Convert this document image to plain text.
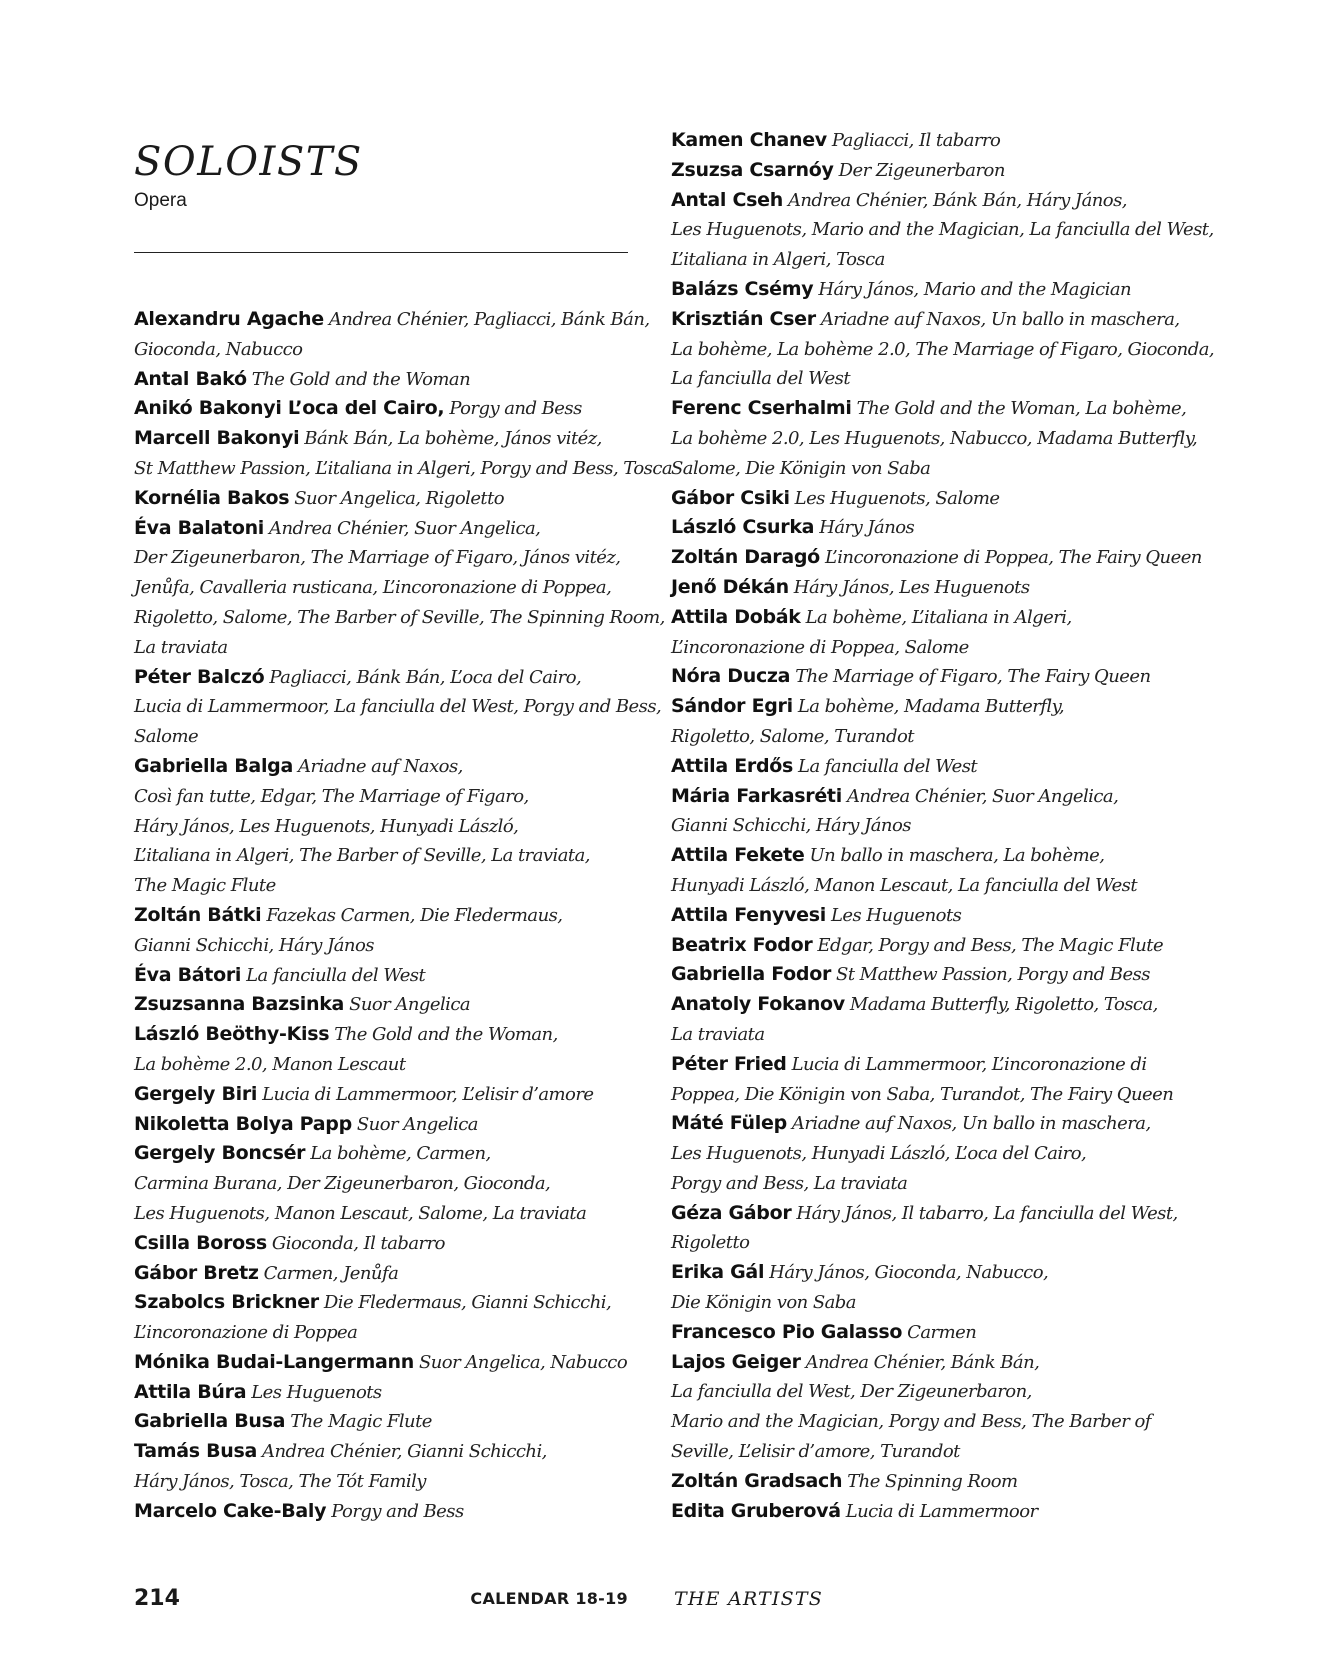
SOLOISTS
Opera
Alexandru Agache Andrea Chénier, Pagliacci, Bánk Bán,
Gioconda, Nabucco
Antal Bakó The Gold and the Woman
Anikó Bakonyi L’oca del Cairo, Porgy and Bess
Marcell Bakonyi Bánk Bán, La bohème, János vitéz,
St Matthew Passion, L’italiana in Algeri, Porgy and Bess, Tosca
Kornélia Bakos Suor Angelica, Rigoletto
Éva Balatoni Andrea Chénier, Suor Angelica,
Der Zigeunerbaron, The Marriage of Figaro, János vitéz,
Jenůfa, Cavalleria rusticana, L’incoronazione di Poppea,
Rigoletto, Salome, The Barber of Seville, The Spinning Room,
La traviata
Péter Balczó Pagliacci, Bánk Bán, L’oca del Cairo,
Lucia di Lammermoor, La fanciulla del West, Porgy and Bess,
Salome
Gabriella Balga Ariadne auf Naxos,
Così fan tutte, Edgar, The Marriage of Figaro,
Háry János, Les Huguenots, Hunyadi László,
L’italiana in Algeri, The Barber of Seville, La traviata,
The Magic Flute
Zoltán Bátki Fazekas Carmen, Die Fledermaus,
Gianni Schicchi, Háry János
Éva Bátori La fanciulla del West
Zsuzsanna Bazsinka Suor Angelica
László Beöthy-Kiss The Gold and the Woman,
La bohème 2.0, Manon Lescaut
Gergely Biri Lucia di Lammermoor, L’elisir d’amore
Nikoletta Bolya Papp Suor Angelica
Gergely Boncsér La bohème, Carmen,
Carmina Burana, Der Zigeunerbaron, Gioconda,
Les Huguenots, Manon Lescaut, Salome, La traviata
Csilla Boross Gioconda, Il tabarro
Gábor Bretz Carmen, Jenůfa
Szabolcs Brickner Die Fledermaus, Gianni Schicchi,
L’incoronazione di Poppea
Mónika Budai-Langermann Suor Angelica, Nabucco
Attila Búra Les Huguenots
Gabriella Busa The Magic Flute
Tamás Busa Andrea Chénier, Gianni Schicchi,
Háry János, Tosca, The Tót Family
Marcelo Cake-Baly Porgy and Bess
Kamen Chanev Pagliacci, Il tabarro
Zsuzsa Csarnóy Der Zigeunerbaron
Antal Cseh Andrea Chénier, Bánk Bán, Háry János,
Les Huguenots, Mario and the Magician, La fanciulla del West,
L’italiana in Algeri, Tosca
Balázs Csémy Háry János, Mario and the Magician
Krisztián Cser Ariadne auf Naxos, Un ballo in maschera,
La bohème, La bohème 2.0, The Marriage of Figaro, Gioconda,
La fanciulla del West
Ferenc Cserhalmi The Gold and the Woman, La bohème,
La bohème 2.0, Les Huguenots, Nabucco, Madama Butterfly,
Salome, Die Königin von Saba
Gábor Csiki Les Huguenots, Salome
László Csurka Háry János
Zoltán Daragó L’incoronazione di Poppea, The Fairy Queen
Jenő Dékán Háry János, Les Huguenots
Attila Dobák La bohème, L’italiana in Algeri,
L’incoronazione di Poppea, Salome
Nóra Ducza The Marriage of Figaro, The Fairy Queen
Sándor Egri La bohème, Madama Butterfly,
Rigoletto, Salome, Turandot
Attila Erdős La fanciulla del West
Mária Farkasréti Andrea Chénier, Suor Angelica,
Gianni Schicchi, Háry János
Attila Fekete Un ballo in maschera, La bohème,
Hunyadi László, Manon Lescaut, La fanciulla del West
Attila Fenyvesi Les Huguenots
Beatrix Fodor Edgar, Porgy and Bess, The Magic Flute
Gabriella Fodor St Matthew Passion, Porgy and Bess
Anatoly Fokanov Madama Butterfly, Rigoletto, Tosca,
La traviata
Péter Fried Lucia di Lammermoor, L’incoronazione di
Poppea, Die Königin von Saba, Turandot, The Fairy Queen
Máté Fülep Ariadne auf Naxos, Un ballo in maschera,
Les Huguenots, Hunyadi László, L’oca del Cairo,
Porgy and Bess, La traviata
Géza Gábor Háry János, Il tabarro, La fanciulla del West,
Rigoletto
Erika Gál Háry János, Gioconda, Nabucco,
Die Königin von Saba
Francesco Pio Galasso Carmen
Lajos Geiger Andrea Chénier, Bánk Bán,
La fanciulla del West, Der Zigeunerbaron,
Mario and the Magician, Porgy and Bess, The Barber of
Seville, L’elisir d’amore, Turandot
Zoltán Gradsach The Spinning Room
Edita Gruberová Lucia di Lammermoor
214	CALENDAR 18-19 THE ARTISTS
